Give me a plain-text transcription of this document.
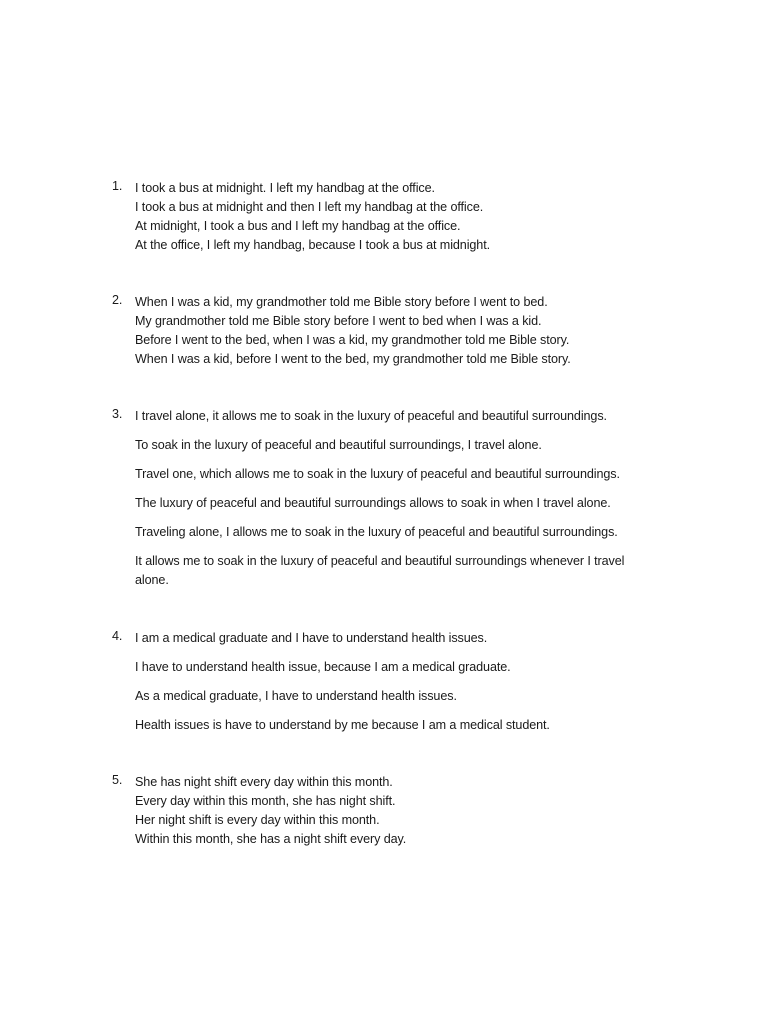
1.	I took a bus at midnight. I left my handbag at the office.
I took a bus at midnight and then I left my handbag at the office.
At midnight, I took a bus and I left my handbag at the office.
At the office, I left my handbag, because I took a bus at midnight.
2.	When I was a kid, my grandmother told me Bible story before I went to bed.
My grandmother told me Bible story before I went to bed when I was a kid.
Before I went to the bed, when I was a kid, my grandmother told me Bible story.
When I was a kid, before I went to the bed, my grandmother told me Bible story.
3.	I travel alone, it allows me to soak in the luxury of peaceful and beautiful surroundings.
To soak in the luxury of peaceful and beautiful surroundings, I travel alone.
Travel one, which allows me to soak in the luxury of peaceful and beautiful surroundings.
The luxury of peaceful and beautiful surroundings allows to soak in when I travel alone.
Traveling alone, I allows me to soak in the luxury of peaceful and beautiful surroundings.
It allows me to soak in the luxury of peaceful and beautiful surroundings whenever I travel alone.
4.	I am a medical graduate and I have to understand health issues.
I have to understand health issue, because I am a medical graduate.
As a medical graduate, I have to understand health issues.
Health issues is have to understand by me because I am a medical student.
5.	She has night shift every day within this month.
Every day within this month, she has night shift.
Her night shift is every day within this month.
Within this month, she has a night shift every day.
